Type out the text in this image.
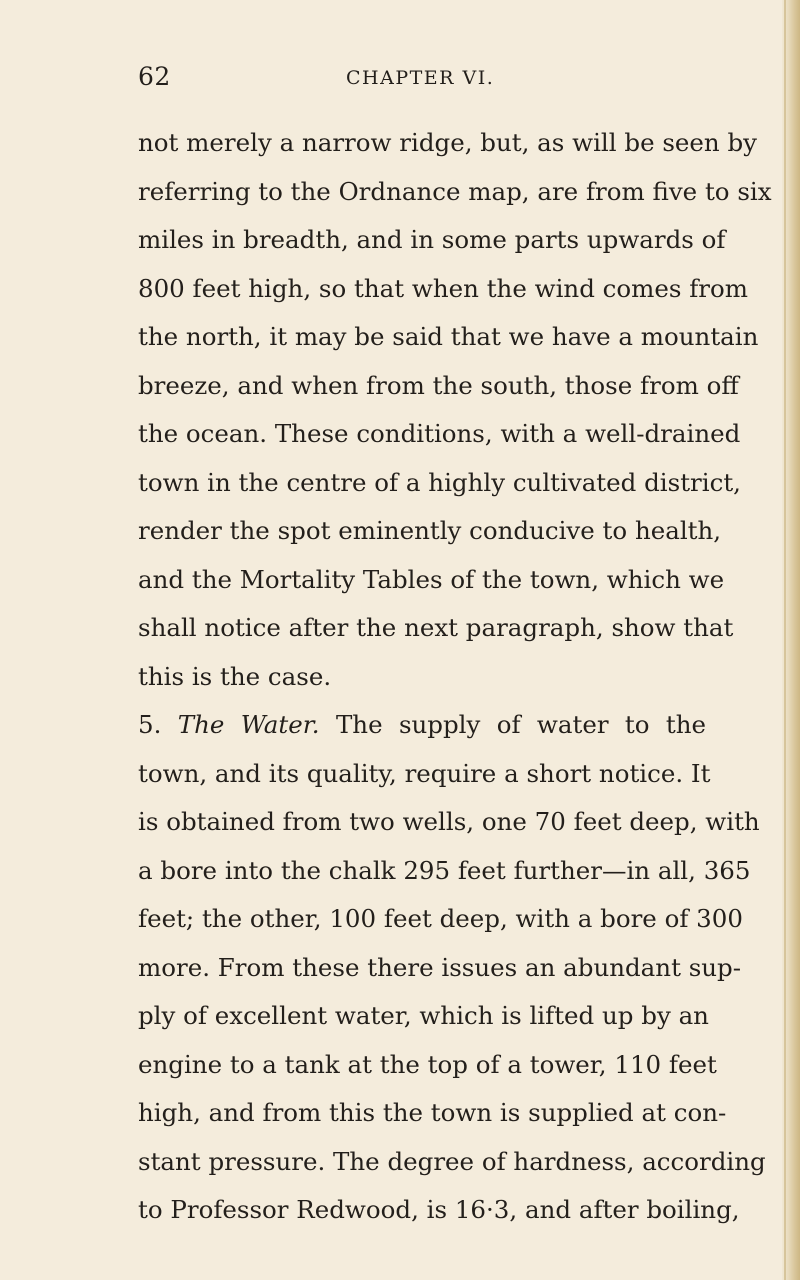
62	CHAPTER VI.
not merely a narrow ridge, but, as will be seen by
referring to the Ordnance map, are from five to six
miles in breadth, and in some parts upwards of
800 feet high, so that when the wind comes from
the north, it may be said that we have a mountain
breeze, and when from the south, those from off
the ocean. These conditions, with a well-drained
town in the centre of a highly cultivated district,
render the spot eminently conducive to health,
and the Mortality Tables of the town, which we
shall notice after the next paragraph, show that
this is the case.
5. The Water. The supply of water to the
town, and its quality, require a short notice. It
is obtained from two wells, one 70 feet deep, with
a bore into the chalk 295 feet further—in all, 365
feet; the other, 100 feet deep, with a bore of 300
more. From these there issues an abundant sup-
ply of excellent water, which is lifted up by an
engine to a tank at the top of a tower, 110 feet
high, and from this the town is supplied at con-
stant pressure. The degree of hardness, according
to Professor Redwood, is 16·3, and after boiling,
